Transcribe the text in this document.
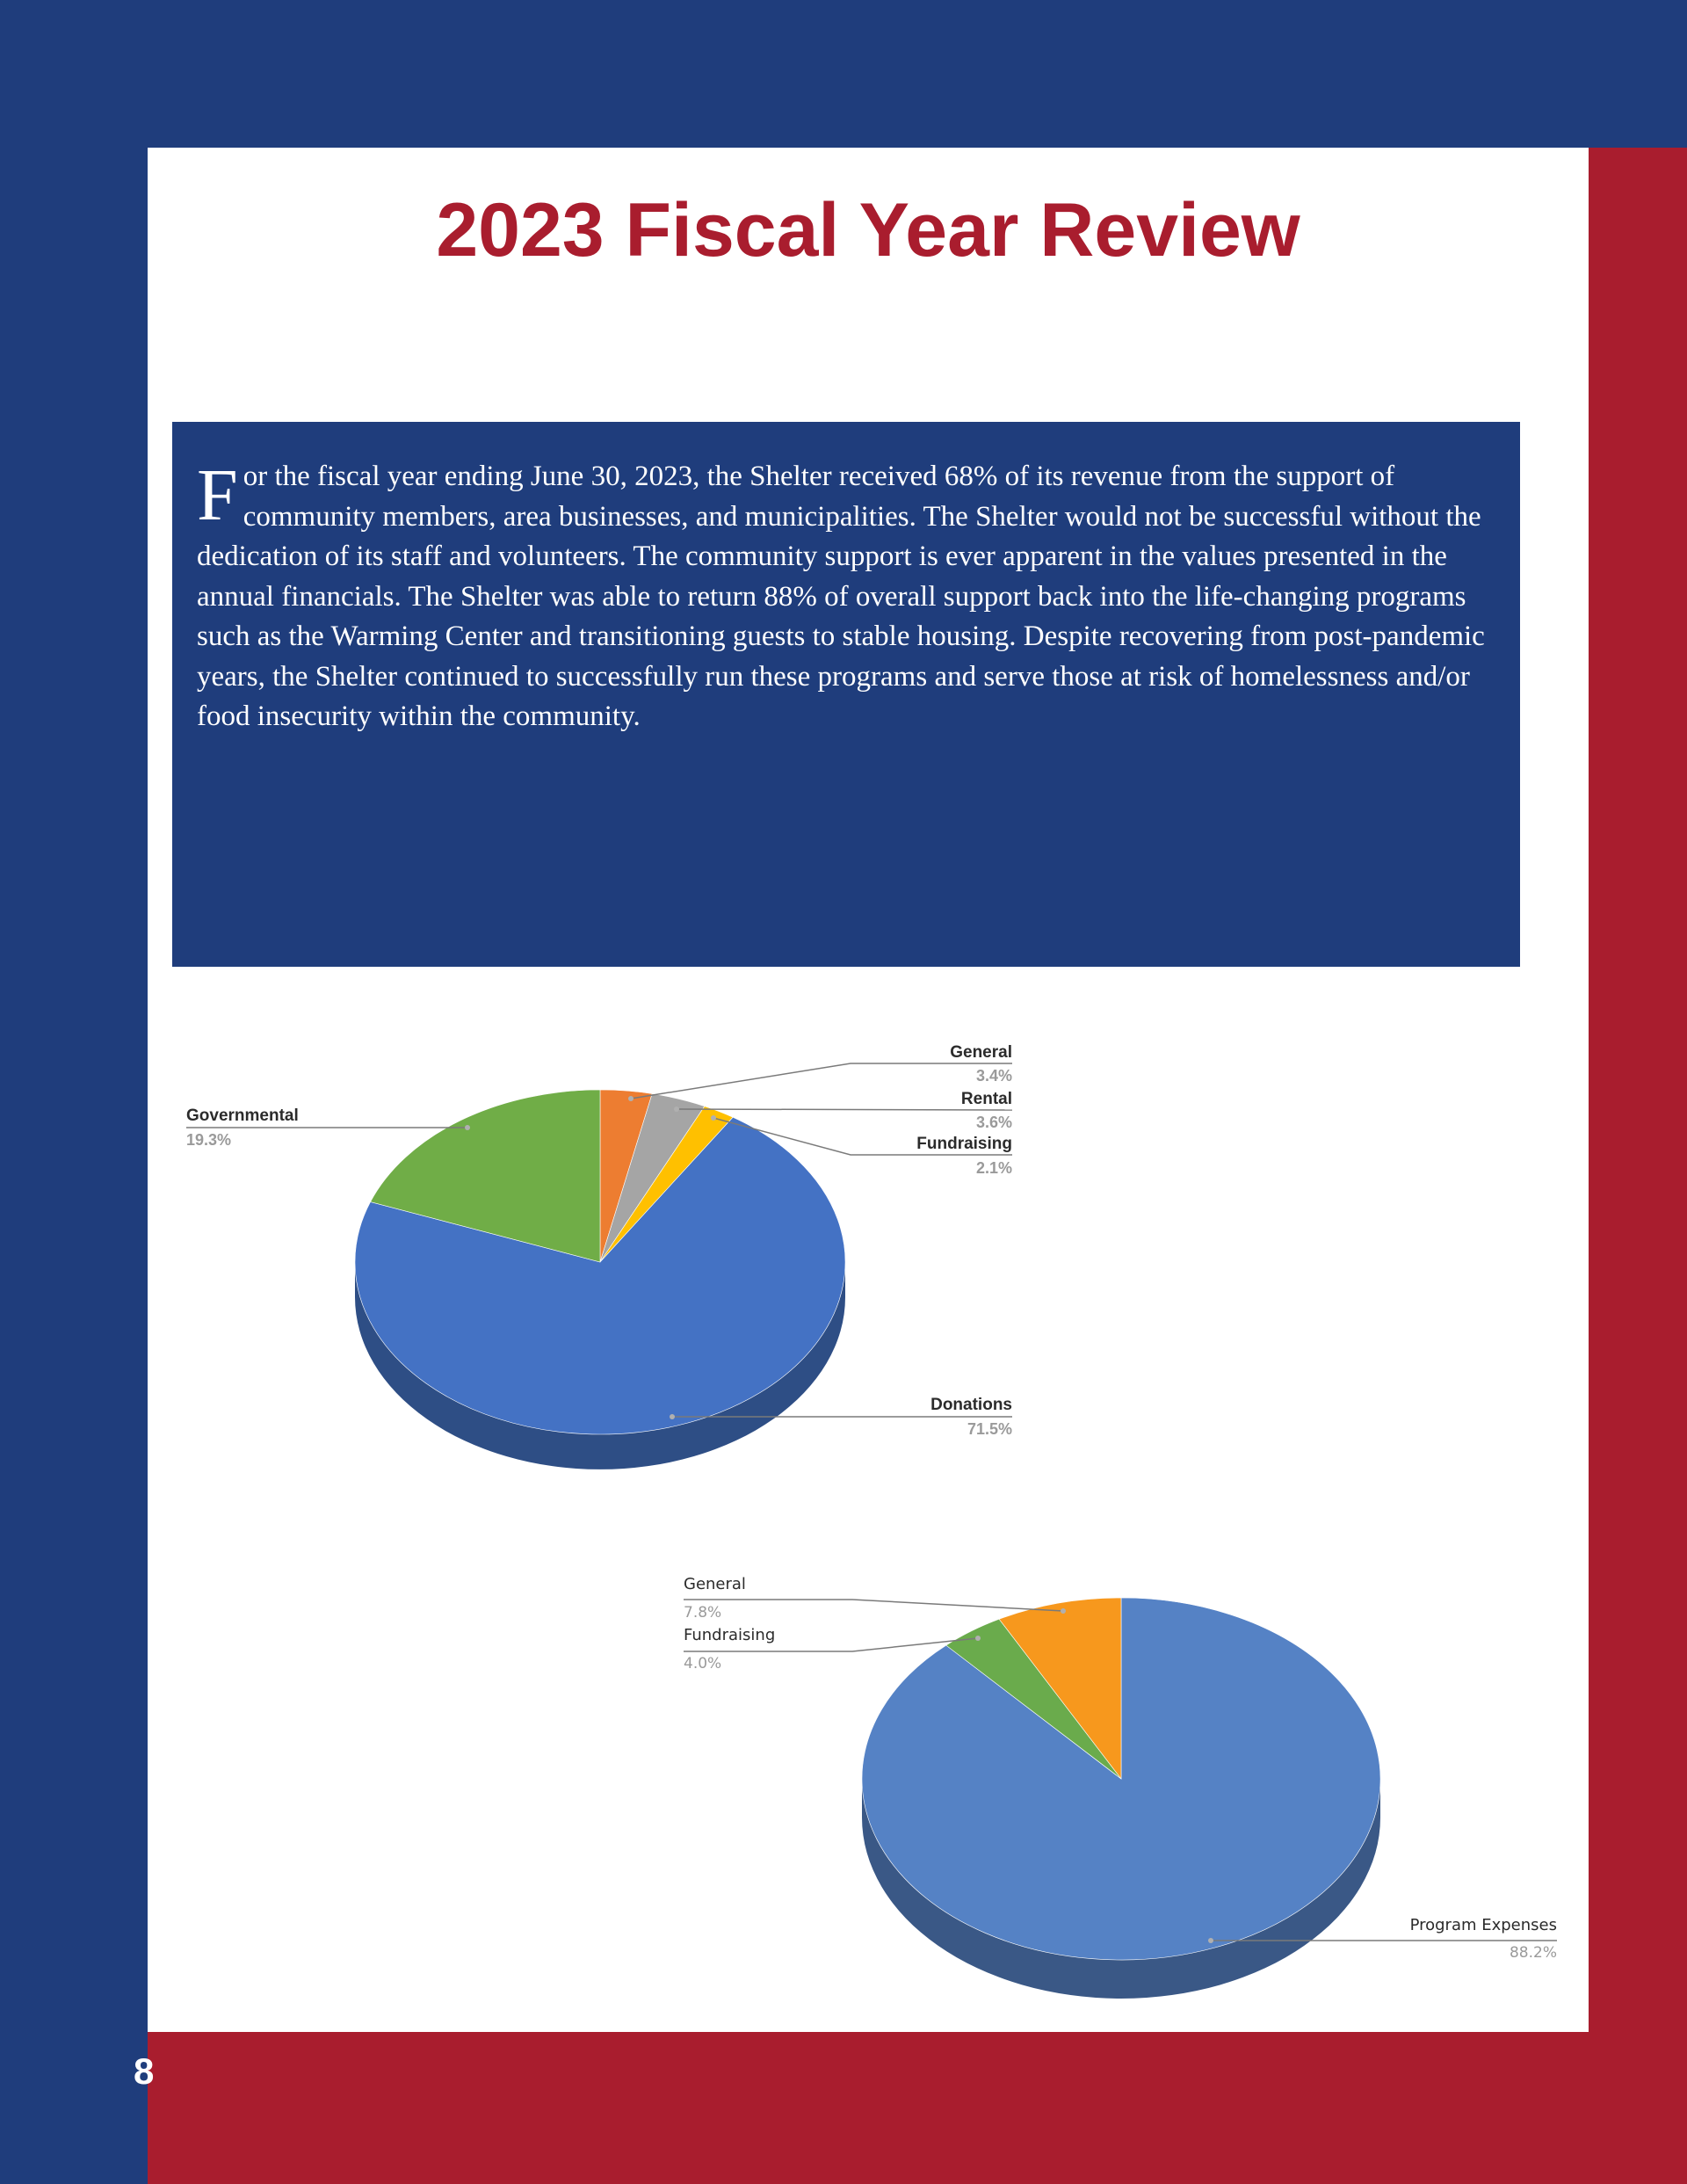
2023 Fiscal Year Review

For the fiscal year ending June 30, 2023, the Shelter received 68% of its revenue from the support of community members, area businesses, and municipalities. The Shelter would not be successful without the dedication of its staff and volunteers. The community support is ever apparent in the values presented in the annual financials. The Shelter was able to return 88% of overall support back into the life-changing programs such as the Warming Center and transitioning guests to stable housing. Despite recovering from post-pandemic years, the Shelter continued to successfully run these programs and serve those at risk of homelessness and/or food insecurity within the community.

General
3.4%
Rental
3.6%
Fundraising
2.1%
Donations
71.5%
Governmental
19.3%
General
7.8%
Fundraising
4.0%
Program Expenses
88.2%
8
